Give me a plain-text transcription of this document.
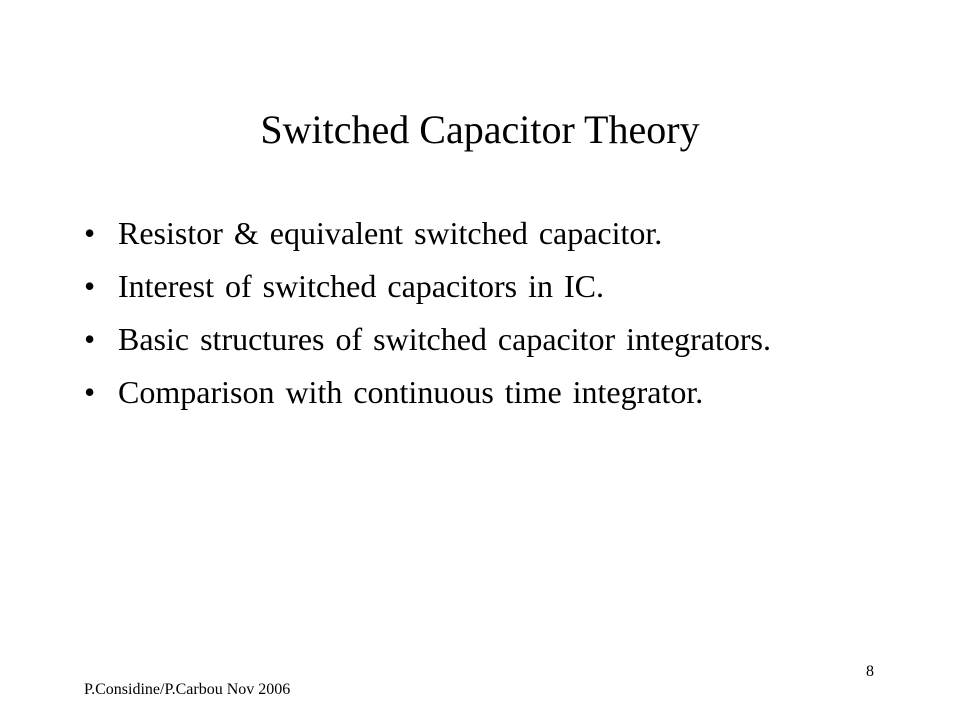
Switched Capacitor Theory
• Resistor & equivalent switched capacitor.
• Interest of switched capacitors in IC.
• Basic structures of switched capacitor integrators.
• Comparison with continuous time integrator.
P.Considine/P.Carbou Nov 2006
8
